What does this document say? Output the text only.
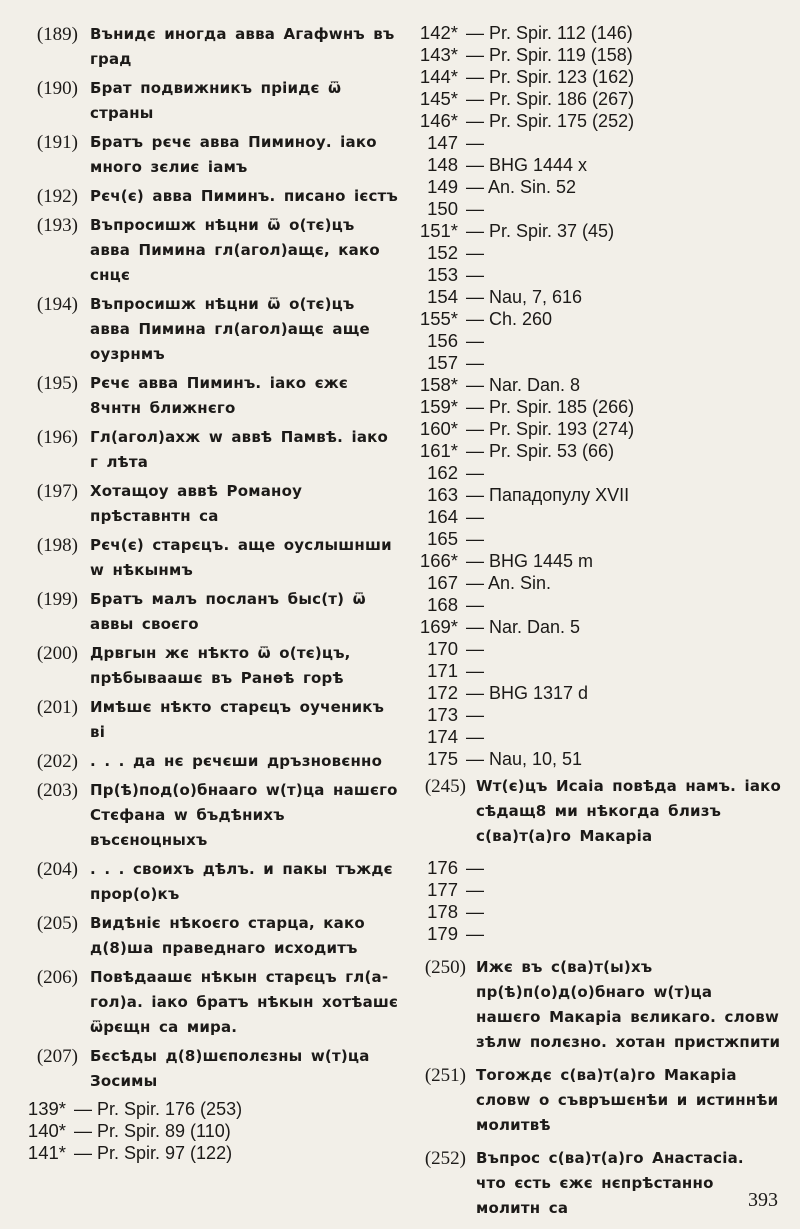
(189) Вънидє иногда авва Агафwнъ въ град
(190) Брат подвижникъ прiидє ѿ страны
(191) Братъ рєчє авва Пиминоу. iако много зєлиє iамъ
(192) Рєч(є) авва Пиминъ. писано iєстъ
(193) Въпросишж нѣцни ѿ о(тє)цъ авва Пимина гл(агол)ащє, како снцє
(194) Въпросишж нѣцни ѿ о(тє)цъ авва Пимина гл(агол)ащє аще оузрнмъ
(195) Рєчє авва Пиминъ. iако єжє 8чнтн ближнєго
(196) Гл(агол)ахж w аввѣ Памвѣ. iако г лѣта
(197) Хотащоу аввѣ Романоу прѣставнтн са
(198) Рєч(є) старєцъ. аще оуслышнши w нѣкынмъ
(199) Братъ малъ посланъ быс(т) ѿ аввы своєго
(200) Дрвгын жє нѣкто ѿ о(тє)цъ, прѣбываашє въ Ранѳѣ горѣ
(201) Имѣшє нѣкто старєцъ оученикъ ві
(202) . . . да нє рєчєши дръзновєнно
(203) Пр(ѣ)под(о)бнааго w(т)ца нашєго Стєфана w бъдѣнихъ въсєноцныхъ
(204) . . . своихъ дѣлъ. и пакы тъждє прор(о)къ
(205) Видѣнiє нѣкоєго старца, како д(8)ша праведнаго исходитъ
(206) Повѣдаашє нѣкын старєцъ гл(а-гол)а. iако братъ нѣкын хотѣашє ѿрєщн са мира.
(207) Бєсѣды д(8)шєполєзны w(т)ца Зосимы
139* — Pr. Spir. 176 (253)
140* — Pr. Spir. 89 (110)
141* — Pr. Spir. 97 (122)
142* — Pr. Spir. 112 (146)
143* — Pr. Spir. 119 (158)
144* — Pr. Spir. 123 (162)
145* — Pr. Spir. 186 (267)
146* — Pr. Spir. 175 (252)
147 —
148 — BHG 1444 x
149 — An. Sin. 52
150 —
151* — Pr. Spir. 37 (45)
152 —
153 —
154 — Nau, 7, 616
155* — Ch. 260
156 —
157 —
158* — Nar. Dan. 8
159* — Pr. Spir. 185 (266)
160* — Pr. Spir. 193 (274)
161* — Pr. Spir. 53 (66)
162 —
163 — Пападопулу XVII
164 —
165 —
166* — BHG 1445 m
167 — An. Sin.
168 —
169* — Nar. Dan. 5
170 —
171 —
172 — BHG 1317 d
173 —
174 —
175 — Nau, 10, 51
(245) Wт(є)цъ Исаiа повѣда намъ. iако сѣдащ8 ми нѣкогда близъ с(ва)т(а)го Макарiа
176 —
177 —
178 —
179 —
(250) Ижє въ с(ва)т(ы)хъ пр(ѣ)п(о)д(о)бнаго w(т)ца нашєго Макарiа вєликаго. словw зѣлw полєзно. хотан пристжпити
(251) Тогождє с(ва)т(а)го Макарiа словw о съвръшєнѣи и истиннѣи молитвѣ
(252) Въпрос с(ва)т(а)го Анастасiа. что єсть єжє нєпрѣстанно молитн са	393
